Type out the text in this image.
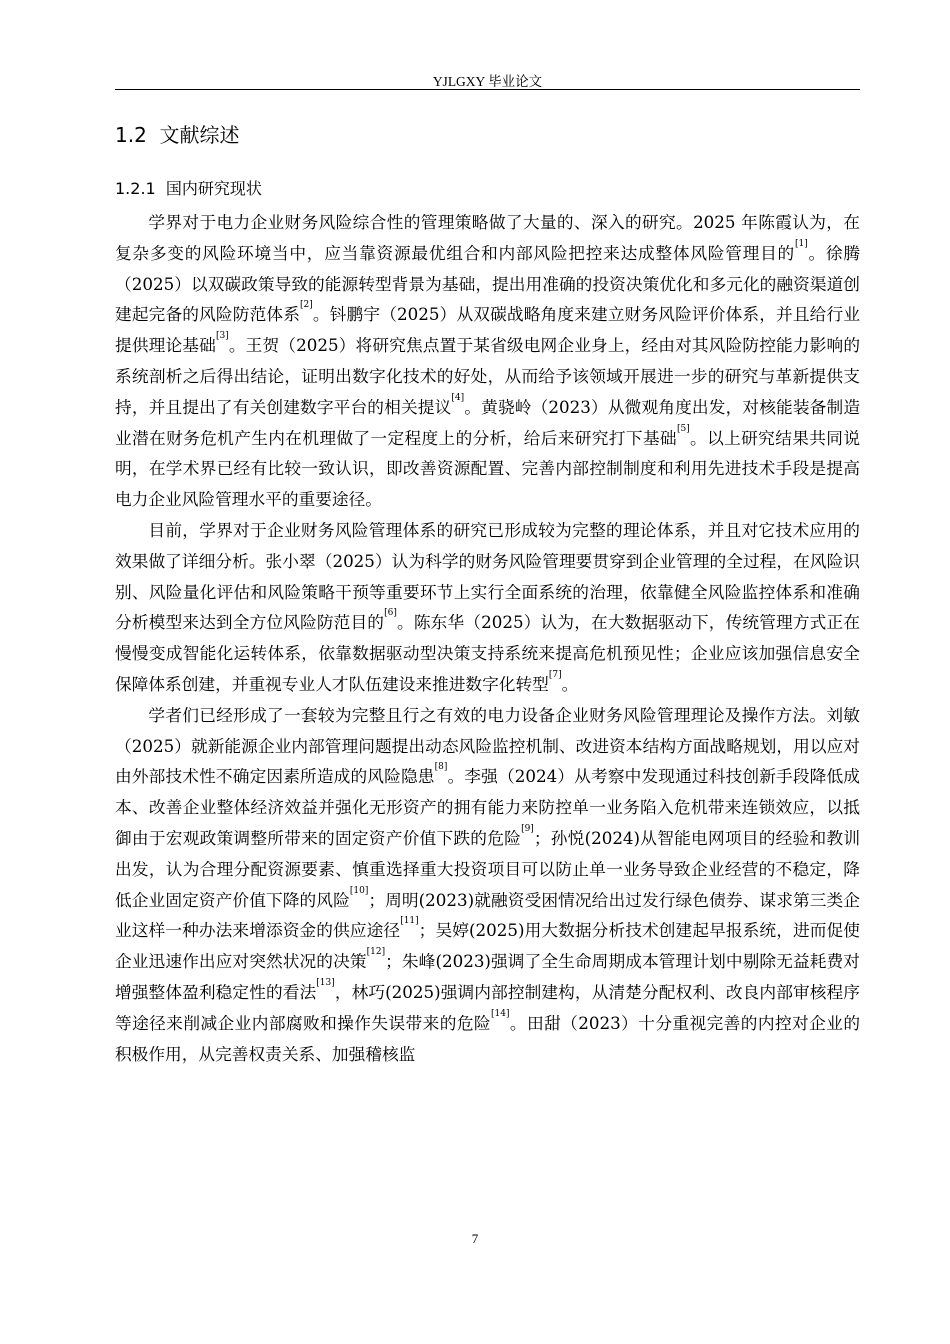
YJLGXY 毕业论文
1.2 文献综述
1.2.1 国内研究现状

学界对于电力企业财务风险综合性的管理策略做了大量的、深入的研究。2025 年陈霞认为，在复杂多变的风险环境当中，应当靠资源最优组合和内部风险把控来达成整体风险管理目的[1]。徐腾（2025）以双碳政策导致的能源转型背景为基础，提出用准确的投资决策优化和多元化的融资渠道创建起完备的风险防范体系[2]。钭鹏宇（2025）从双碳战略角度来建立财务风险评价体系，并且给行业提供理论基础[3]。王贺（2025）将研究焦点置于某省级电网企业身上，经由对其风险防控能力影响的系统剖析之后得出结论，证明出数字化技术的好处，从而给予该领域开展进一步的研究与革新提供支持，并且提出了有关创建数字平台的相关提议[4]。黄骁岭（2023）从微观角度出发，对核能装备制造业潜在财务危机产生内在机理做了一定程度上的分析，给后来研究打下基础[5]。以上研究结果共同说明，在学术界已经有比较一致认识，即改善资源配置、完善内部控制制度和利用先进技术手段是提高电力企业风险管理水平的重要途径。

目前，学界对于企业财务风险管理体系的研究已形成较为完整的理论体系，并且对它技术应用的效果做了详细分析。张小翠（2025）认为科学的财务风险管理要贯穿到企业管理的全过程，在风险识别、风险量化评估和风险策略干预等重要环节上实行全面系统的治理，依靠健全风险监控体系和准确分析模型来达到全方位风险防范目的[6]。陈东华（2025）认为，在大数据驱动下，传统管理方式正在慢慢变成智能化运转体系，依靠数据驱动型决策支持系统来提高危机预见性；企业应该加强信息安全保障体系创建，并重视专业人才队伍建设来推进数字化转型[7]。

学者们已经形成了一套较为完整且行之有效的电力设备企业财务风险管理理论及操作方法。刘敏（2025）就新能源企业内部管理问题提出动态风险监控机制、改进资本结构方面战略规划，用以应对由外部技术性不确定因素所造成的风险隐患[8]。李强（2024）从考察中发现通过科技创新手段降低成本、改善企业整体经济效益并强化无形资产的拥有能力来防控单一业务陷入危机带来连锁效应，以抵御由于宏观政策调整所带来的固定资产价值下跌的危险[9]；孙悦(2024)从智能电网项目的经验和教训出发，认为合理分配资源要素、慎重选择重大投资项目可以防止单一业务导致企业经营的不稳定，降低企业固定资产价值下降的风险[10]；周明(2023)就融资受困情况给出过发行绿色债券、谋求第三类企业这样一种办法来增添资金的供应途径[11]；吴婷(2025)用大数据分析技术创建起早报系统，进而促使企业迅速作出应对突然状况的决策[12]；朱峰(2023)强调了全生命周期成本管理计划中剔除无益耗费对增强整体盈利稳定性的看法[13]，林巧(2025)强调内部控制建构，从清楚分配权利、改良内部审核程序等途径来削减企业内部腐败和操作失误带来的危险[14]。田甜（2023）十分重视完善的内控对企业的积极作用，从完善权责关系、加强稽核监

7
